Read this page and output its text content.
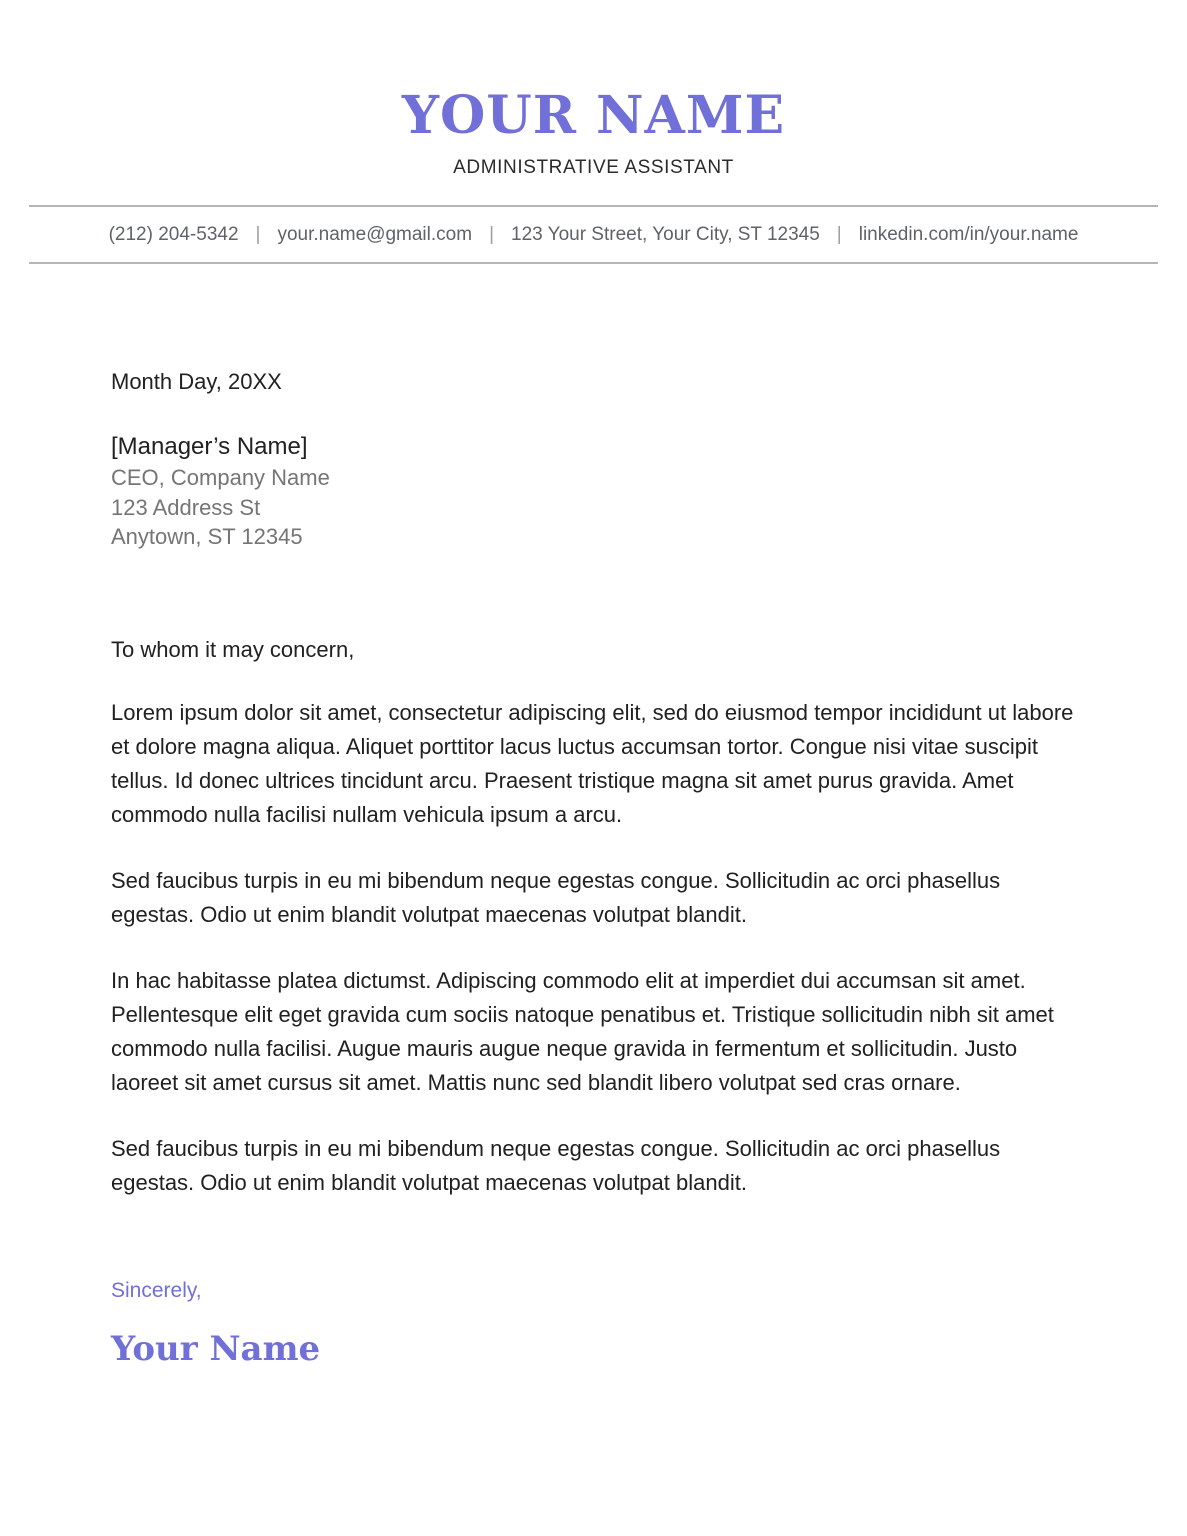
YOUR NAME
ADMINISTRATIVE ASSISTANT
(212) 204-5342 | your.name@gmail.com | 123 Your Street, Your City, ST 12345 | linkedin.com/in/your.name

Month Day, 20XX

[Manager’s Name]
CEO, Company Name
123 Address St
Anytown, ST 12345

To whom it may concern,

Lorem ipsum dolor sit amet, consectetur adipiscing elit, sed do eiusmod tempor incididunt ut labore et dolore magna aliqua. Aliquet porttitor lacus luctus accumsan tortor. Congue nisi vitae suscipit tellus. Id donec ultrices tincidunt arcu. Praesent tristique magna sit amet purus gravida. Amet commodo nulla facilisi nullam vehicula ipsum a arcu.

Sed faucibus turpis in eu mi bibendum neque egestas congue. Sollicitudin ac orci phasellus egestas. Odio ut enim blandit volutpat maecenas volutpat blandit.

In hac habitasse platea dictumst. Adipiscing commodo elit at imperdiet dui accumsan sit amet. Pellentesque elit eget gravida cum sociis natoque penatibus et. Tristique sollicitudin nibh sit amet commodo nulla facilisi. Augue mauris augue neque gravida in fermentum et sollicitudin. Justo laoreet sit amet cursus sit amet. Mattis nunc sed blandit libero volutpat sed cras ornare.

Sed faucibus turpis in eu mi bibendum neque egestas congue. Sollicitudin ac orci phasellus egestas. Odio ut enim blandit volutpat maecenas volutpat blandit.

Sincerely,

Your Name
